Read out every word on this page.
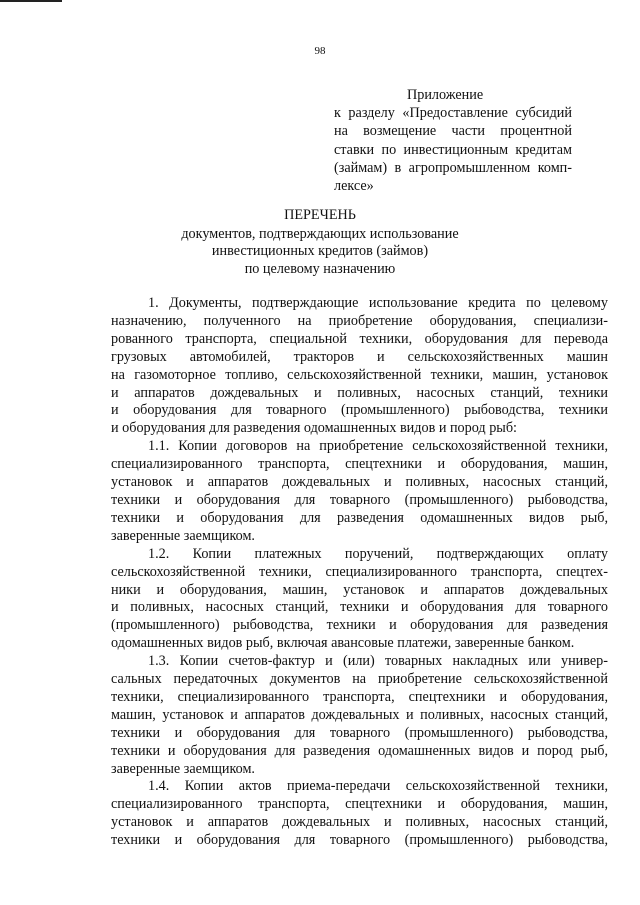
98
Приложение
к разделу «Предоставление субсидий
на возмещение части процентной
ставки по инвестиционным кредитам
(займам) в агропромышленном комп-
лексе»
ПЕРЕЧЕНЬ
документов, подтверждающих использование
инвестиционных кредитов (займов)
по целевому назначению
1. Документы, подтверждающие использование кредита по целевому
назначению, полученного на приобретение оборудования, специализи-
рованного транспорта, специальной техники, оборудования для перевода
грузовых автомобилей, тракторов и сельскохозяйственных машин
на газомоторное топливо, сельскохозяйственной техники, машин, установок
и аппаратов дождевальных и поливных, насосных станций, техники
и оборудования для товарного (промышленного) рыбоводства, техники
и оборудования для разведения одомашненных видов и пород рыб:
1.1. Копии договоров на приобретение сельскохозяйственной техники,
специализированного транспорта, спецтехники и оборудования, машин,
установок и аппаратов дождевальных и поливных, насосных станций,
техники и оборудования для товарного (промышленного) рыбоводства,
техники и оборудования для разведения одомашненных видов рыб,
заверенные заемщиком.
1.2. Копии платежных поручений, подтверждающих оплату
сельскохозяйственной техники, специализированного транспорта, спецтех-
ники и оборудования, машин, установок и аппаратов дождевальных
и поливных, насосных станций, техники и оборудования для товарного
(промышленного) рыбоводства, техники и оборудования для разведения
одомашненных видов рыб, включая авансовые платежи, заверенные банком.
1.3. Копии счетов-фактур и (или) товарных накладных или универ-
сальных передаточных документов на приобретение сельскохозяйственной
техники, специализированного транспорта, спецтехники и оборудования,
машин, установок и аппаратов дождевальных и поливных, насосных станций,
техники и оборудования для товарного (промышленного) рыбоводства,
техники и оборудования для разведения одомашненных видов и пород рыб,
заверенные заемщиком.
1.4. Копии актов приема-передачи сельскохозяйственной техники,
специализированного транспорта, спецтехники и оборудования, машин,
установок и аппаратов дождевальных и поливных, насосных станций,
техники и оборудования для товарного (промышленного) рыбоводства,
